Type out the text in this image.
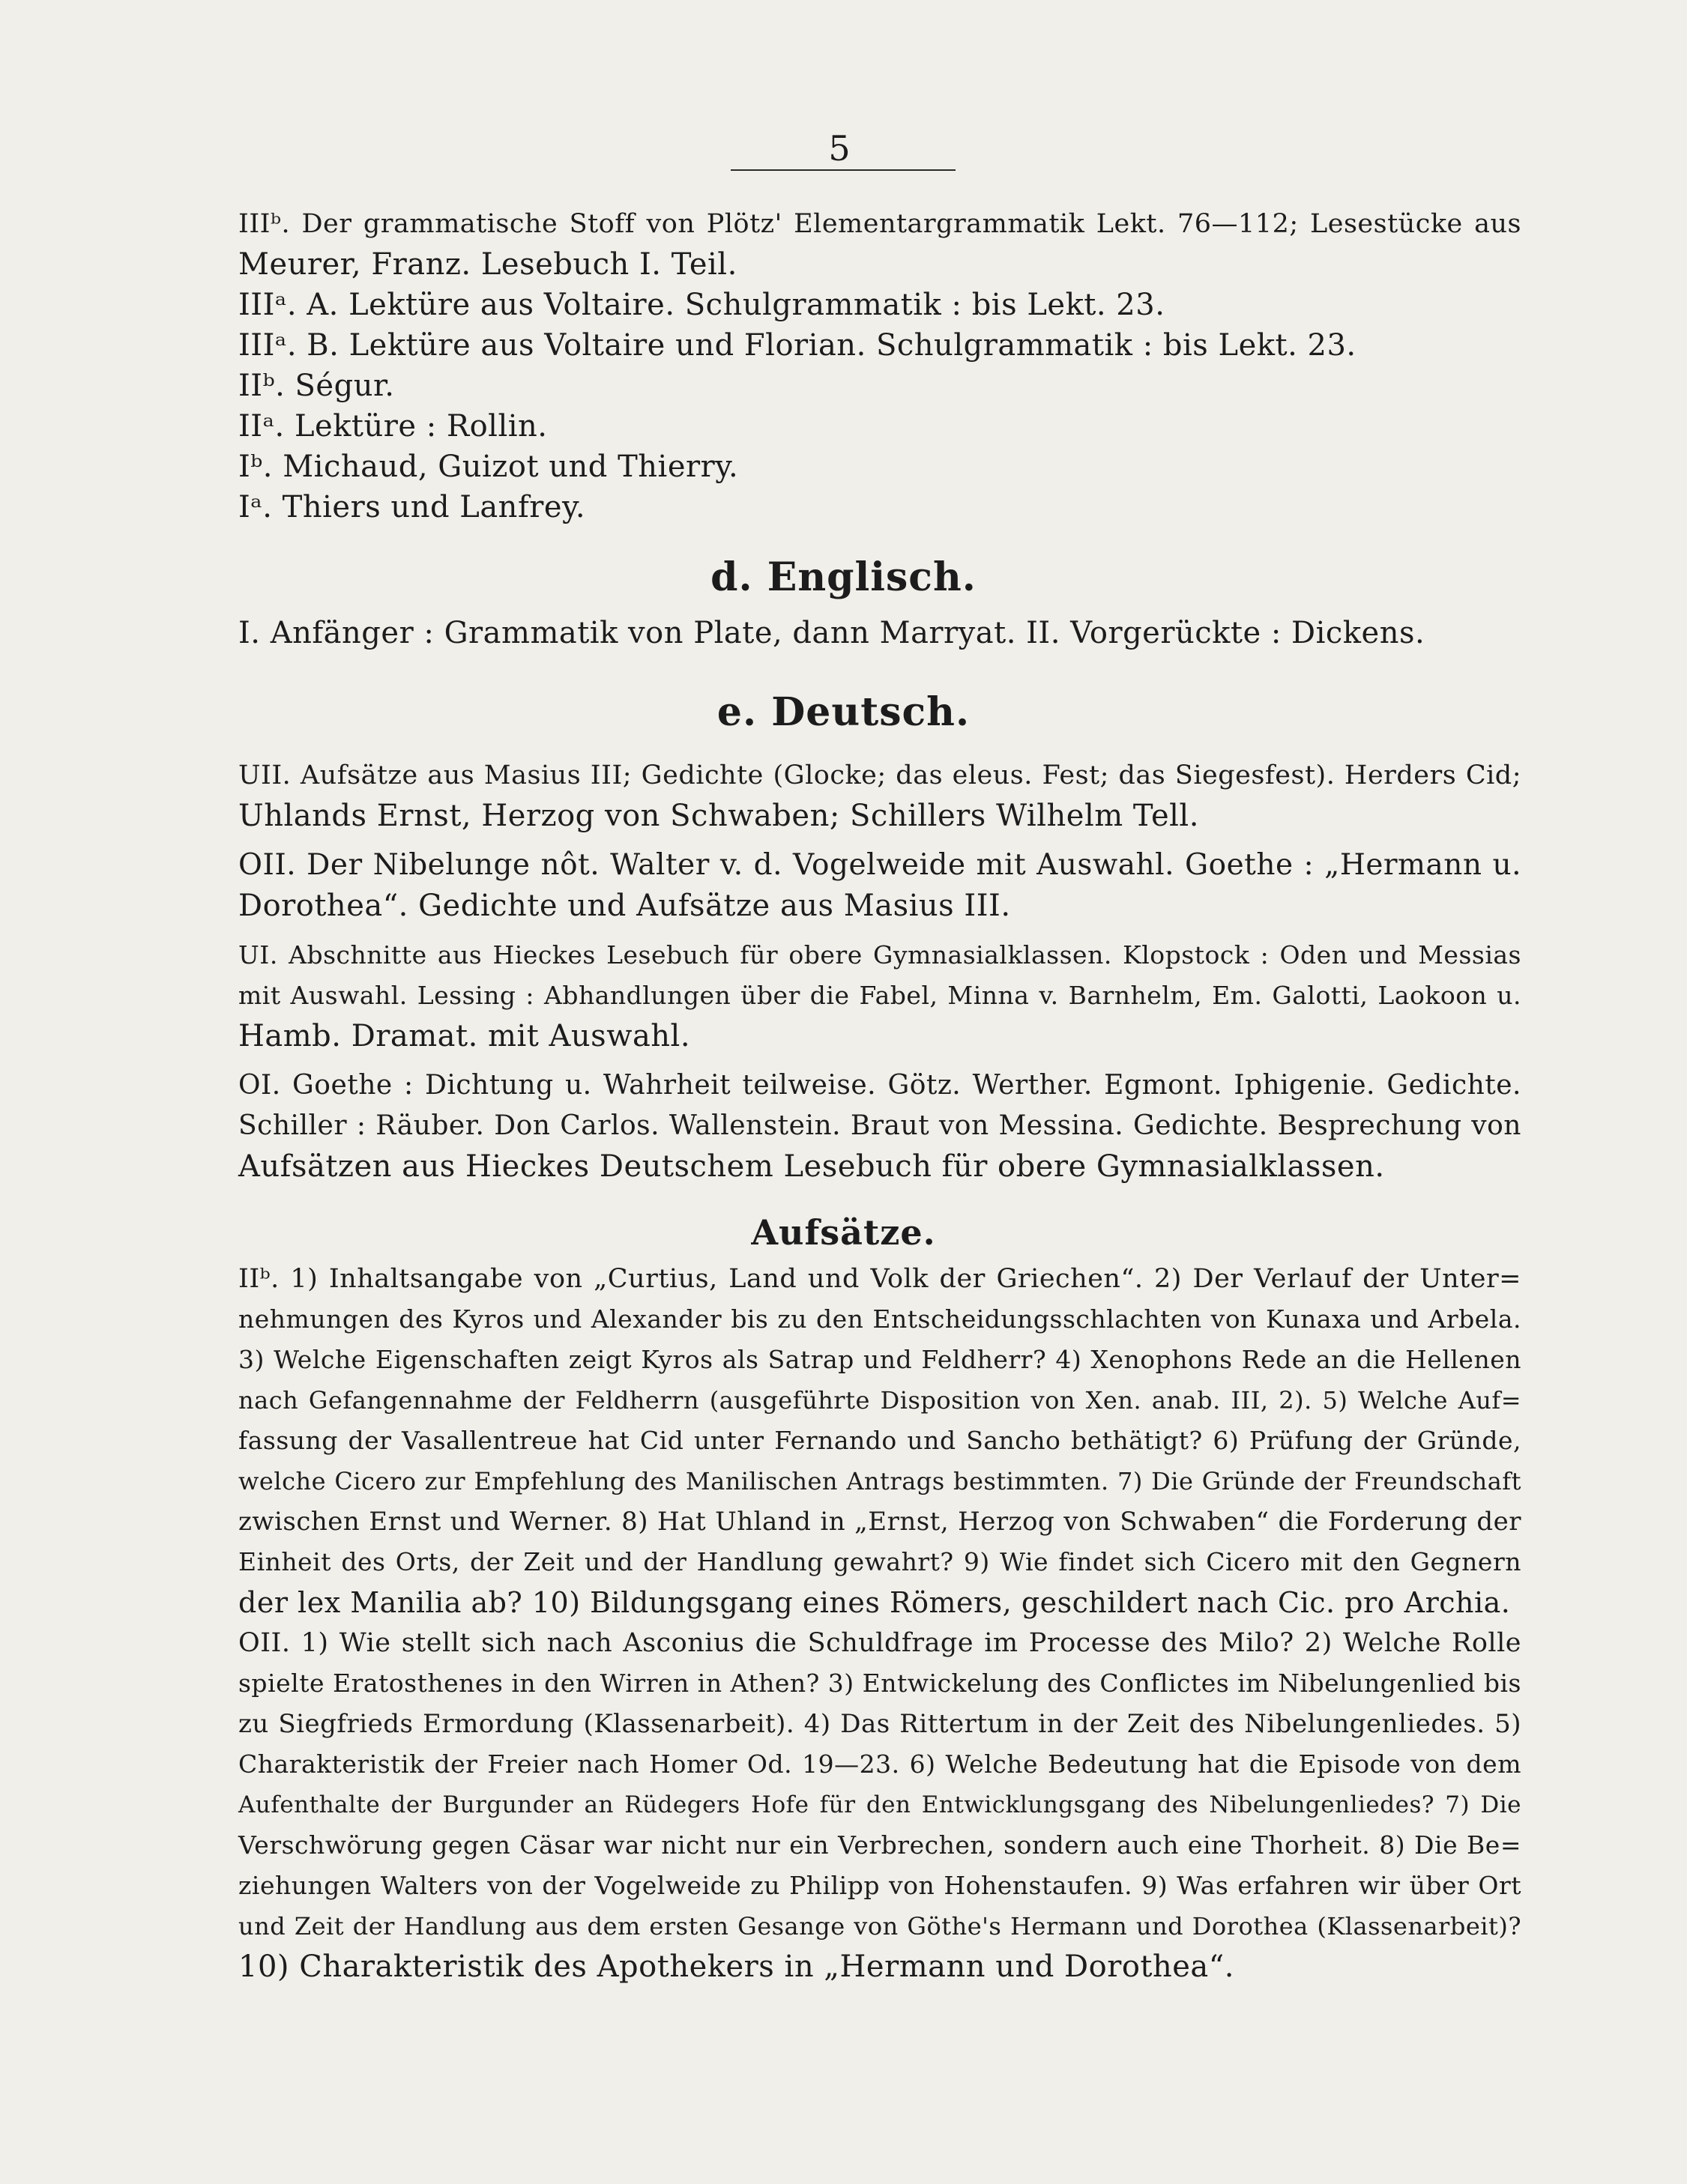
5
IIIᵇ. Der grammatische Stoff von Plötz' Elementargrammatik Lekt. 76—112; Lesestücke aus
Meurer, Franz. Lesebuch I. Teil.
IIIᵃ. A. Lektüre aus Voltaire. Schulgrammatik : bis Lekt. 23.
IIIᵃ. B. Lektüre aus Voltaire und Florian. Schulgrammatik : bis Lekt. 23.
IIᵇ. Ségur.
IIᵃ. Lektüre : Rollin.
Iᵇ. Michaud, Guizot und Thierry.
Iᵃ. Thiers und Lanfrey.
d. Englisch.
I. Anfänger : Grammatik von Plate, dann Marryat. II. Vorgerückte : Dickens.
e. Deutsch.
UII. Aufsätze aus Masius III; Gedichte (Glocke; das eleus. Fest; das Siegesfest). Herders Cid;
Uhlands Ernst, Herzog von Schwaben; Schillers Wilhelm Tell.
OII. Der Nibelunge nôt. Walter v. d. Vogelweide mit Auswahl. Goethe : „Hermann u.
Dorothea“. Gedichte und Aufsätze aus Masius III.
UI. Abschnitte aus Hieckes Lesebuch für obere Gymnasialklassen. Klopstock : Oden und Messias
mit Auswahl. Lessing : Abhandlungen über die Fabel, Minna v. Barnhelm, Em. Galotti, Laokoon u.
Hamb. Dramat. mit Auswahl.
OI. Goethe : Dichtung u. Wahrheit teilweise. Götz. Werther. Egmont. Iphigenie. Gedichte.
Schiller : Räuber. Don Carlos. Wallenstein. Braut von Messina. Gedichte. Besprechung von
Aufsätzen aus Hieckes Deutschem Lesebuch für obere Gymnasialklassen.
Aufsätze.
IIᵇ. 1) Inhaltsangabe von „Curtius, Land und Volk der Griechen“. 2) Der Verlauf der Unter=
nehmungen des Kyros und Alexander bis zu den Entscheidungsschlachten von Kunaxa und Arbela.
3) Welche Eigenschaften zeigt Kyros als Satrap und Feldherr? 4) Xenophons Rede an die Hellenen
nach Gefangennahme der Feldherrn (ausgeführte Disposition von Xen. anab. III, 2). 5) Welche Auf=
fassung der Vasallentreue hat Cid unter Fernando und Sancho bethätigt? 6) Prüfung der Gründe,
welche Cicero zur Empfehlung des Manilischen Antrags bestimmten. 7) Die Gründe der Freundschaft
zwischen Ernst und Werner. 8) Hat Uhland in „Ernst, Herzog von Schwaben“ die Forderung der
Einheit des Orts, der Zeit und der Handlung gewahrt? 9) Wie findet sich Cicero mit den Gegnern
der lex Manilia ab? 10) Bildungsgang eines Römers, geschildert nach Cic. pro Archia.
OII. 1) Wie stellt sich nach Asconius die Schuldfrage im Processe des Milo? 2) Welche Rolle
spielte Eratosthenes in den Wirren in Athen? 3) Entwickelung des Conflictes im Nibelungenlied bis
zu Siegfrieds Ermordung (Klassenarbeit). 4) Das Rittertum in der Zeit des Nibelungenliedes. 5)
Charakteristik der Freier nach Homer Od. 19—23. 6) Welche Bedeutung hat die Episode von dem
Aufenthalte der Burgunder an Rüdegers Hofe für den Entwicklungsgang des Nibelungenliedes? 7) Die
Verschwörung gegen Cäsar war nicht nur ein Verbrechen, sondern auch eine Thorheit. 8) Die Be=
ziehungen Walters von der Vogelweide zu Philipp von Hohenstaufen. 9) Was erfahren wir über Ort
und Zeit der Handlung aus dem ersten Gesange von Göthe's Hermann und Dorothea (Klassenarbeit)?
10) Charakteristik des Apothekers in „Hermann und Dorothea“.
